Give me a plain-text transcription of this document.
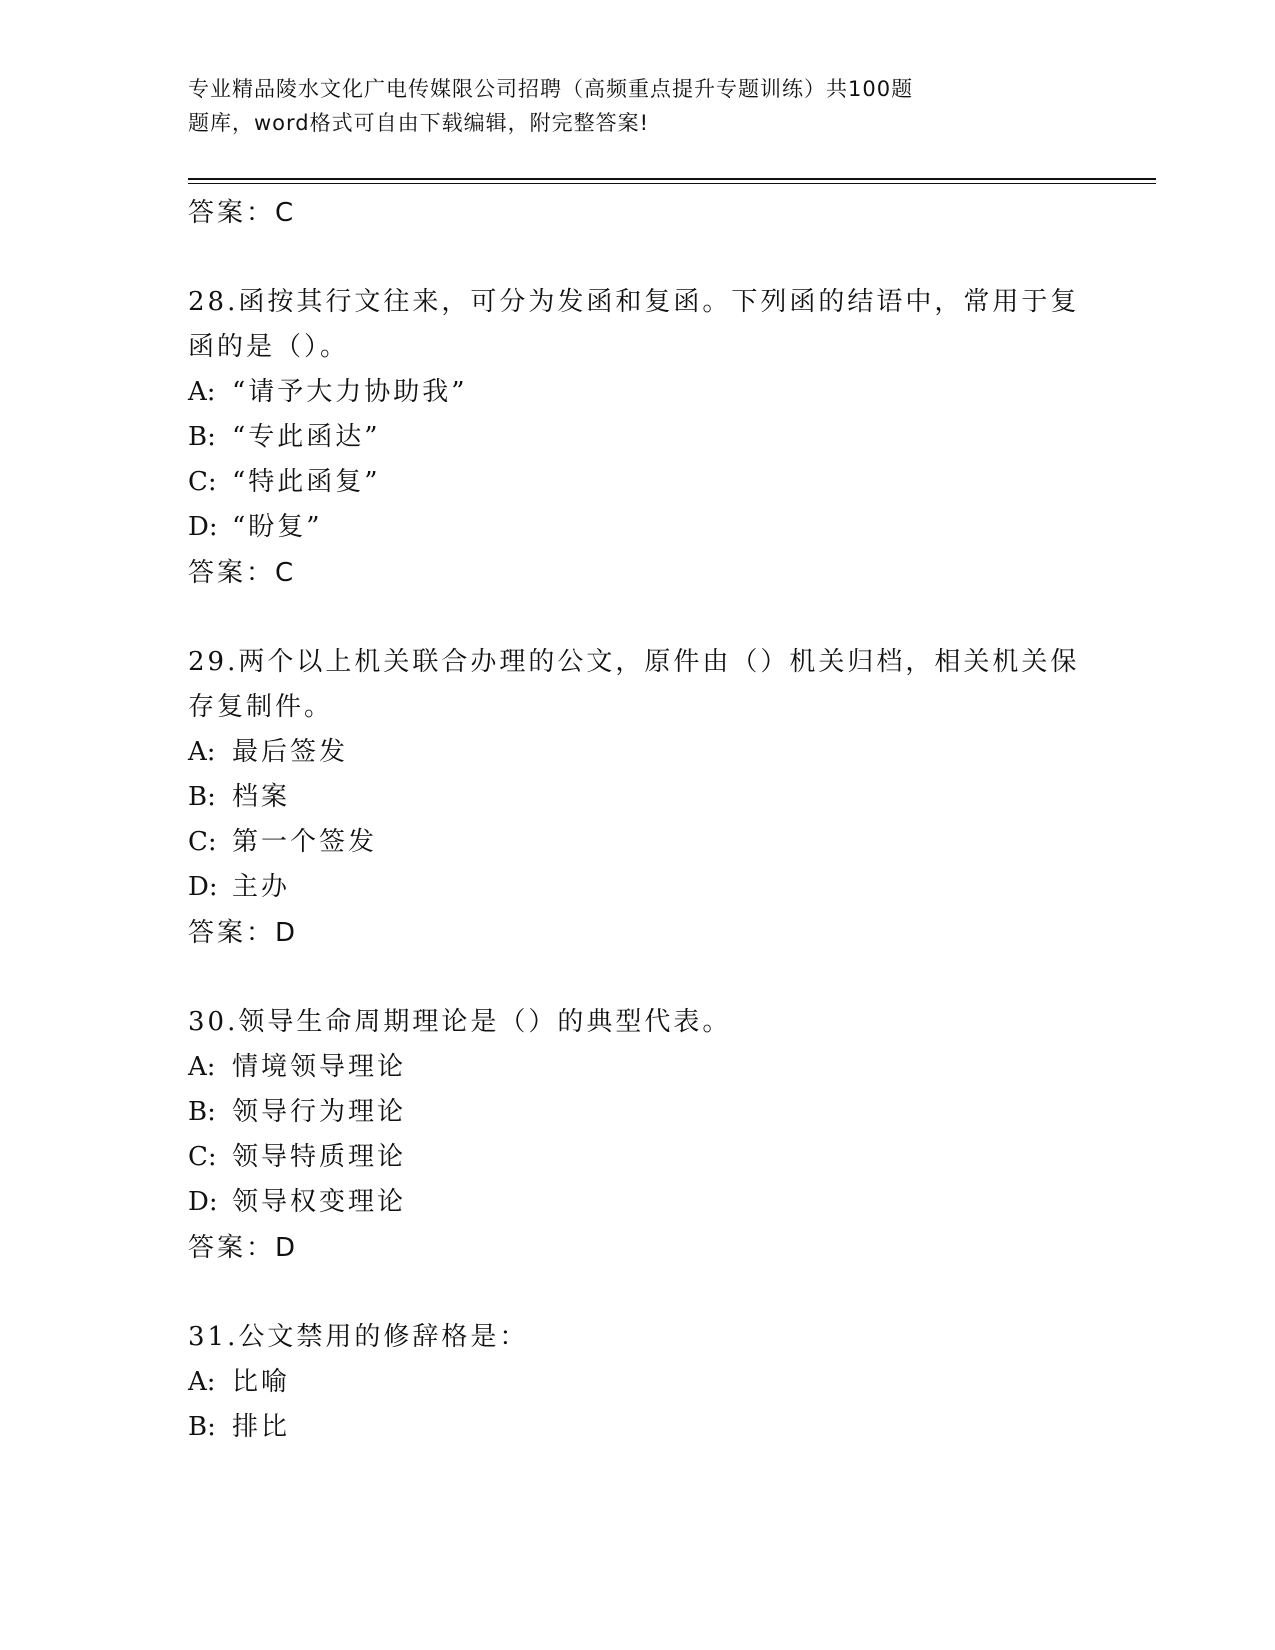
专业精品陵水文化广电传媒限公司招聘（高频重点提升专题训练）共100题
题库，word格式可自由下载编辑，附完整答案!
答案：C
28.函按其行文往来，可分为发函和复函。下列函的结语中，常用于复函的是（）。
A: “请予大力协助我”
B: “专此函达”
C: “特此函复”
D: “盼复”
答案：C
29.两个以上机关联合办理的公文，原件由（）机关归档，相关机关保存复制件。
A: 最后签发
B: 档案
C: 第一个签发
D: 主办
答案：D
30.领导生命周期理论是（）的典型代表。
A: 情境领导理论
B: 领导行为理论
C: 领导特质理论
D: 领导权变理论
答案：D
31.公文禁用的修辞格是：
A: 比喻
B: 排比
